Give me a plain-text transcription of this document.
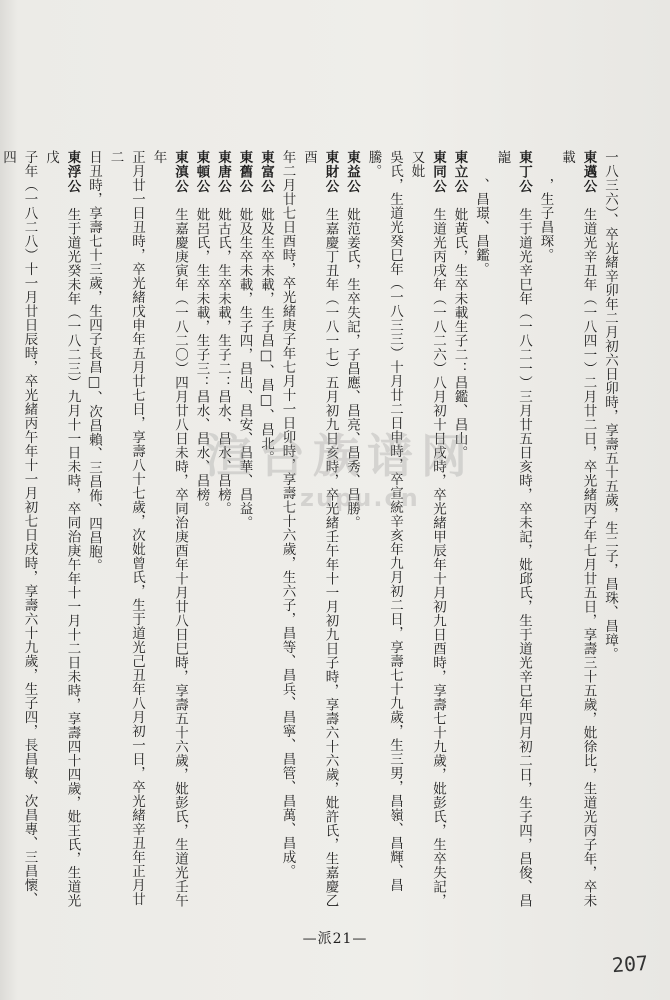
一八三六）、卒光緒辛卯年二月初六日卯時，享壽五十五歲，生二子，昌珠、昌璋。
東邁公　生道光辛丑年（一八四一）二月廿二日，卒光緒丙子年七月廿五日，享壽三十五歲，妣徐比，生道光丙子年，卒未載
，生子昌琛。
東丁公　生于道光辛巳年（一八二一）三月廿五日亥時，卒未記，妣邱氏，生于道光辛巳年四月初二日，生子四，昌俊、昌巃
、昌璟、昌鑑。
東立公　妣黃氏，生卒未載生子二：昌鑑、昌山。
東同公　生道光丙戌年（一八二六）八月初十日戌時，卒光緒甲辰年十月初九日酉時，享壽七十九歲，妣彭氏，生卒失記，又妣
吳氏，生道光癸巳年（一八三三）十月廿二日申時，卒宣統辛亥年九月初二日，享壽七十九歲，生三男，昌嶺、昌輝、昌騰。
東益公　妣范姜氏，生卒失記，子昌應、昌亮、昌秀、昌勝。
東財公　生嘉慶丁丑年（一八一七）五月初九日亥時，卒光緒壬午年十一月初九日子時，享壽六十六歲，妣許氏，生嘉慶乙酉
年二月廿七日酉時，卒光緒庚子年七月十一日卯時，享壽七十六歲，生六子，昌等、昌兵、昌寧、昌管、昌萬、昌成。
東富公　妣及生卒未載，生子昌□、昌□、昌北。
東舊公　妣及生卒未載，生子四，昌出、昌安、昌華、昌益。
東唐公　妣古氏，生卒未載，生子二：昌水、昌水、昌榜。
東頓公　妣呂氏，生卒未載，生子三：昌水、昌水、昌榜。
東滇公　生嘉慶庚寅年（一八二〇）四月廿八日未時，卒同治庚酉年十月廿八日巳時，享壽五十六歲，妣彭氏，生道光壬午年
正月廿一日丑時，卒光緒戊申年五月廿七日，享壽八十七歲，次妣曾氏，生于道光己丑年八月初一日，卒光緒辛丑年正月廿二
日丑時，享壽七十三歲，生四子長昌□、次昌賴、三昌佈、四昌胞。
東浮公　生于道光癸未年（一八二三）九月十一日未時，卒同治庚午年十一月十二日未時，享壽四十四歲，妣王氏，生道光戊
子年（一八二八）十一月廿日辰時，卒光緒丙午年十一月初七日戌時，享壽六十九歲，生子四，長昌敏、次昌專、三昌懷、四
渲台族谱网
zupu.cn
—派21—
207
